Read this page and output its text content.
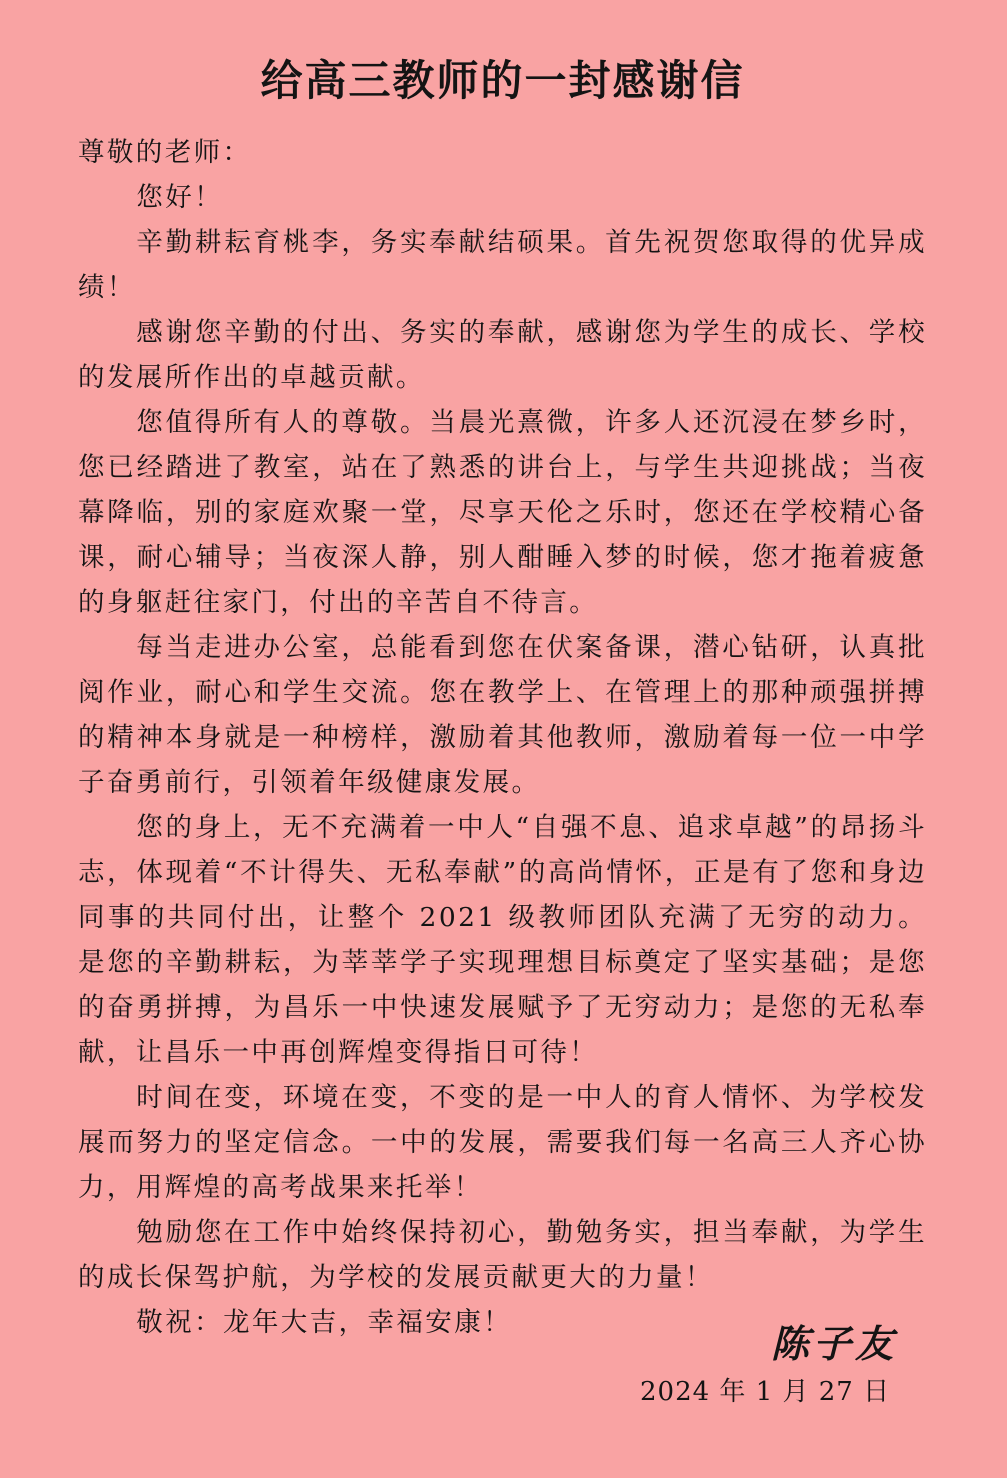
给高三教师的一封感谢信

尊敬的老师：

您好！

辛勤耕耘育桃李，务实奉献结硕果。首先祝贺您取得的优异成绩！

感谢您辛勤的付出、务实的奉献，感谢您为学生的成长、学校的发展所作出的卓越贡献。

您值得所有人的尊敬。当晨光熹微，许多人还沉浸在梦乡时，您已经踏进了教室，站在了熟悉的讲台上，与学生共迎挑战；当夜幕降临，别的家庭欢聚一堂，尽享天伦之乐时，您还在学校精心备课，耐心辅导；当夜深人静，别人酣睡入梦的时候，您才拖着疲惫的身躯赶往家门，付出的辛苦自不待言。

每当走进办公室，总能看到您在伏案备课，潜心钻研，认真批阅作业，耐心和学生交流。您在教学上、在管理上的那种顽强拼搏的精神本身就是一种榜样，激励着其他教师，激励着每一位一中学子奋勇前行，引领着年级健康发展。

您的身上，无不充满着一中人“自强不息、追求卓越”的昂扬斗志，体现着“不计得失、无私奉献”的高尚情怀，正是有了您和身边同事的共同付出，让整个 2021 级教师团队充满了无穷的动力。是您的辛勤耕耘，为莘莘学子实现理想目标奠定了坚实基础；是您的奋勇拼搏，为昌乐一中快速发展赋予了无穷动力；是您的无私奉献，让昌乐一中再创辉煌变得指日可待！

时间在变，环境在变，不变的是一中人的育人情怀、为学校发展而努力的坚定信念。一中的发展，需要我们每一名高三人齐心协力，用辉煌的高考战果来托举！

勉励您在工作中始终保持初心，勤勉务实，担当奉献，为学生的成长保驾护航，为学校的发展贡献更大的力量！

敬祝：龙年大吉，幸福安康！	陈子友
2024 年 1 月 27 日
